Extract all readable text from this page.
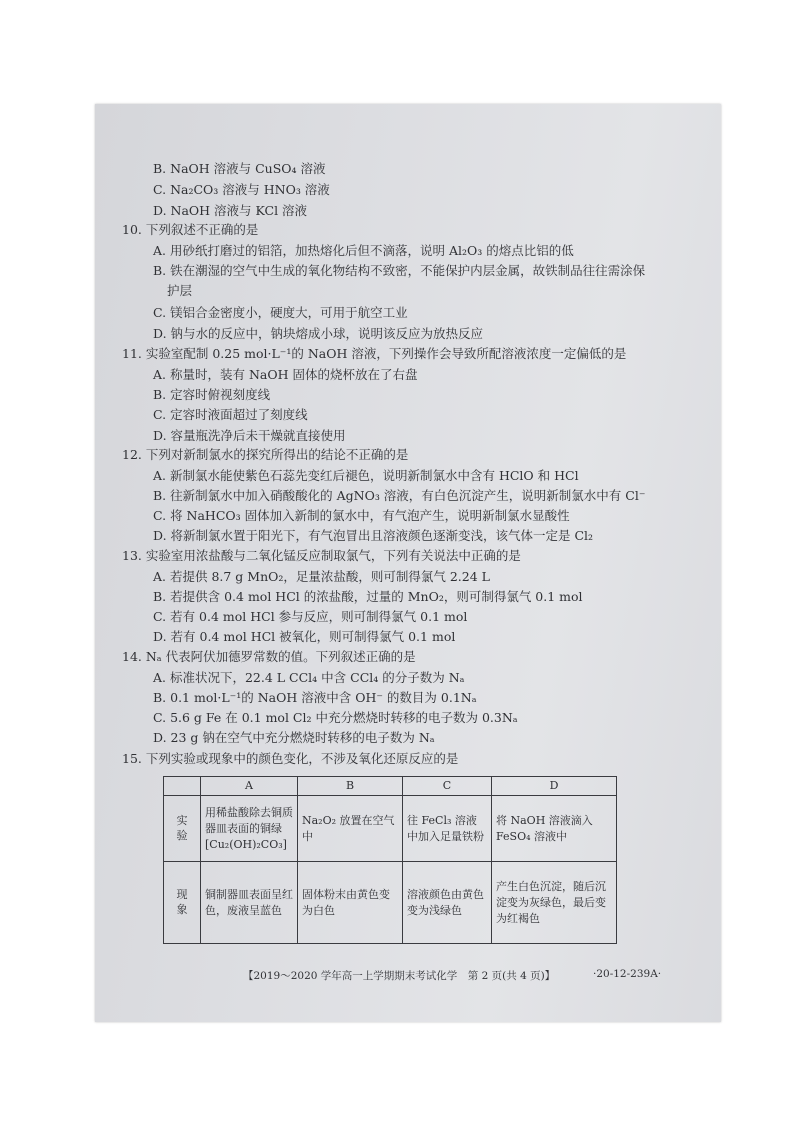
B. NaOH 溶液与 CuSO₄ 溶液
C. Na₂CO₃ 溶液与 HNO₃ 溶液
D. NaOH 溶液与 KCl 溶液
10. 下列叙述不正确的是
A. 用砂纸打磨过的铝箔，加热熔化后但不滴落，说明 Al₂O₃ 的熔点比铝的低
B. 铁在潮湿的空气中生成的氧化物结构不致密，不能保护内层金属，故铁制品往往需涂保
护层
C. 镁铝合金密度小，硬度大，可用于航空工业
D. 钠与水的反应中，钠块熔成小球，说明该反应为放热反应
11. 实验室配制 0.25 mol·L⁻¹的 NaOH 溶液，下列操作会导致所配溶液浓度一定偏低的是
A. 称量时，装有 NaOH 固体的烧杯放在了右盘
B. 定容时俯视刻度线
C. 定容时液面超过了刻度线
D. 容量瓶洗净后未干燥就直接使用
12. 下列对新制氯水的探究所得出的结论不正确的是
A. 新制氯水能使紫色石蕊先变红后褪色，说明新制氯水中含有 HClO 和 HCl
B. 往新制氯水中加入硝酸酸化的 AgNO₃ 溶液，有白色沉淀产生，说明新制氯水中有 Cl⁻
C. 将 NaHCO₃ 固体加入新制的氯水中，有气泡产生，说明新制氯水显酸性
D. 将新制氯水置于阳光下，有气泡冒出且溶液颜色逐渐变浅，该气体一定是 Cl₂
13. 实验室用浓盐酸与二氧化锰反应制取氯气，下列有关说法中正确的是
A. 若提供 8.7 g MnO₂，足量浓盐酸，则可制得氯气 2.24 L
B. 若提供含 0.4 mol HCl 的浓盐酸，过量的 MnO₂，则可制得氯气 0.1 mol
C. 若有 0.4 mol HCl 参与反应，则可制得氯气 0.1 mol
D. 若有 0.4 mol HCl 被氧化，则可制得氯气 0.1 mol
14. Nₐ 代表阿伏加德罗常数的值。下列叙述正确的是
A. 标准状况下，22.4 L CCl₄ 中含 CCl₄ 的分子数为 Nₐ
B. 0.1 mol·L⁻¹的 NaOH 溶液中含 OH⁻ 的数目为 0.1Nₐ
C. 5.6 g Fe 在 0.1 mol Cl₂ 中充分燃烧时转移的电子数为 0.3Nₐ
D. 23 g 钠在空气中充分燃烧时转移的电子数为 Nₐ
15. 下列实验或现象中的颜色变化，不涉及氧化还原反应的是
	A	B	C	D
实验	用稀盐酸除去铜质器皿表面的铜绿[Cu₂(OH)₂CO₃]	Na₂O₂ 放置在空气中	往 FeCl₃ 溶液中加入足量铁粉	将 NaOH 溶液滴入 FeSO₄ 溶液中
现象	铜制器皿表面呈红色，废液呈蓝色	固体粉末由黄色变为白色	溶液颜色由黄色变为浅绿色	产生白色沉淀，随后沉淀变为灰绿色，最后变为红褐色
【2019～2020 学年高一上学期期末考试化学　第 2 页(共 4 页)】	·20-12-239A·
